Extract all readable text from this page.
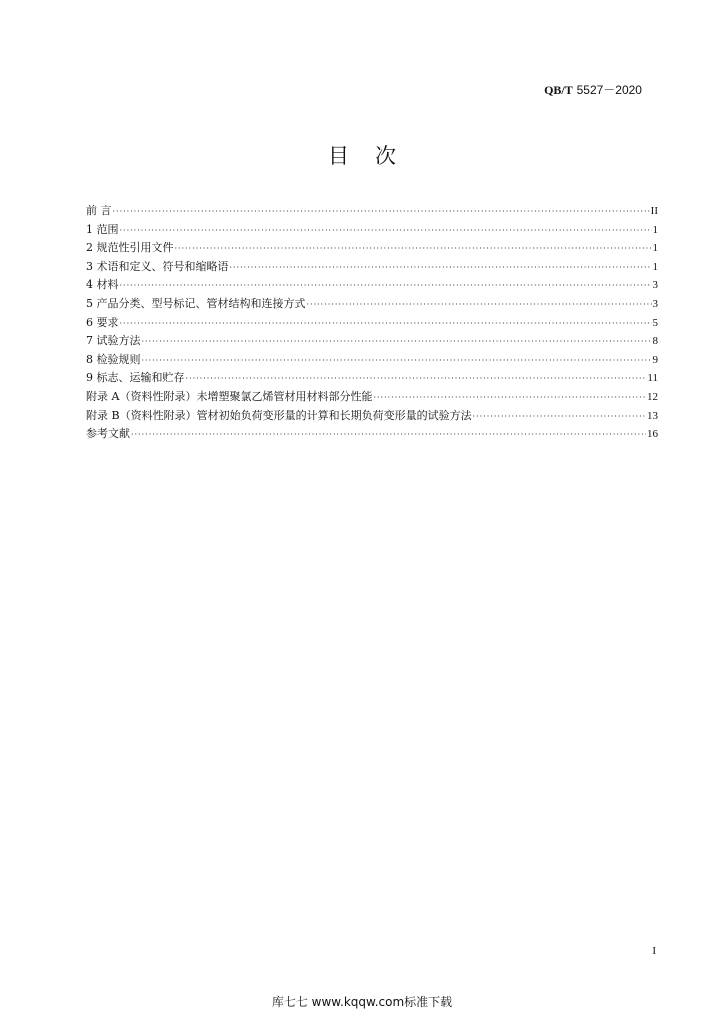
QB/T 5527－2020
目次
前 言 ·····	II
1 范围 ·····	1
2 规范性引用文件 ·····	1
3 术语和定义、符号和缩略语 ·····	1
4 材料 ·····	3
5 产品分类、型号标记、管材结构和连接方式 ·····	3
6 要求 ·····	5
7 试验方法 ·····	8
8 检验规则 ·····	9
9 标志、运输和贮存 ·····	11
附录 A（资料性附录）未增塑聚氯乙烯管材用材料部分性能 ·····	12
附录 B（资料性附录）管材初始负荷变形量的计算和长期负荷变形量的试验方法 ·····	13
参考文献 ·····	16
I
库七七 www.kqqw.com标准下载
